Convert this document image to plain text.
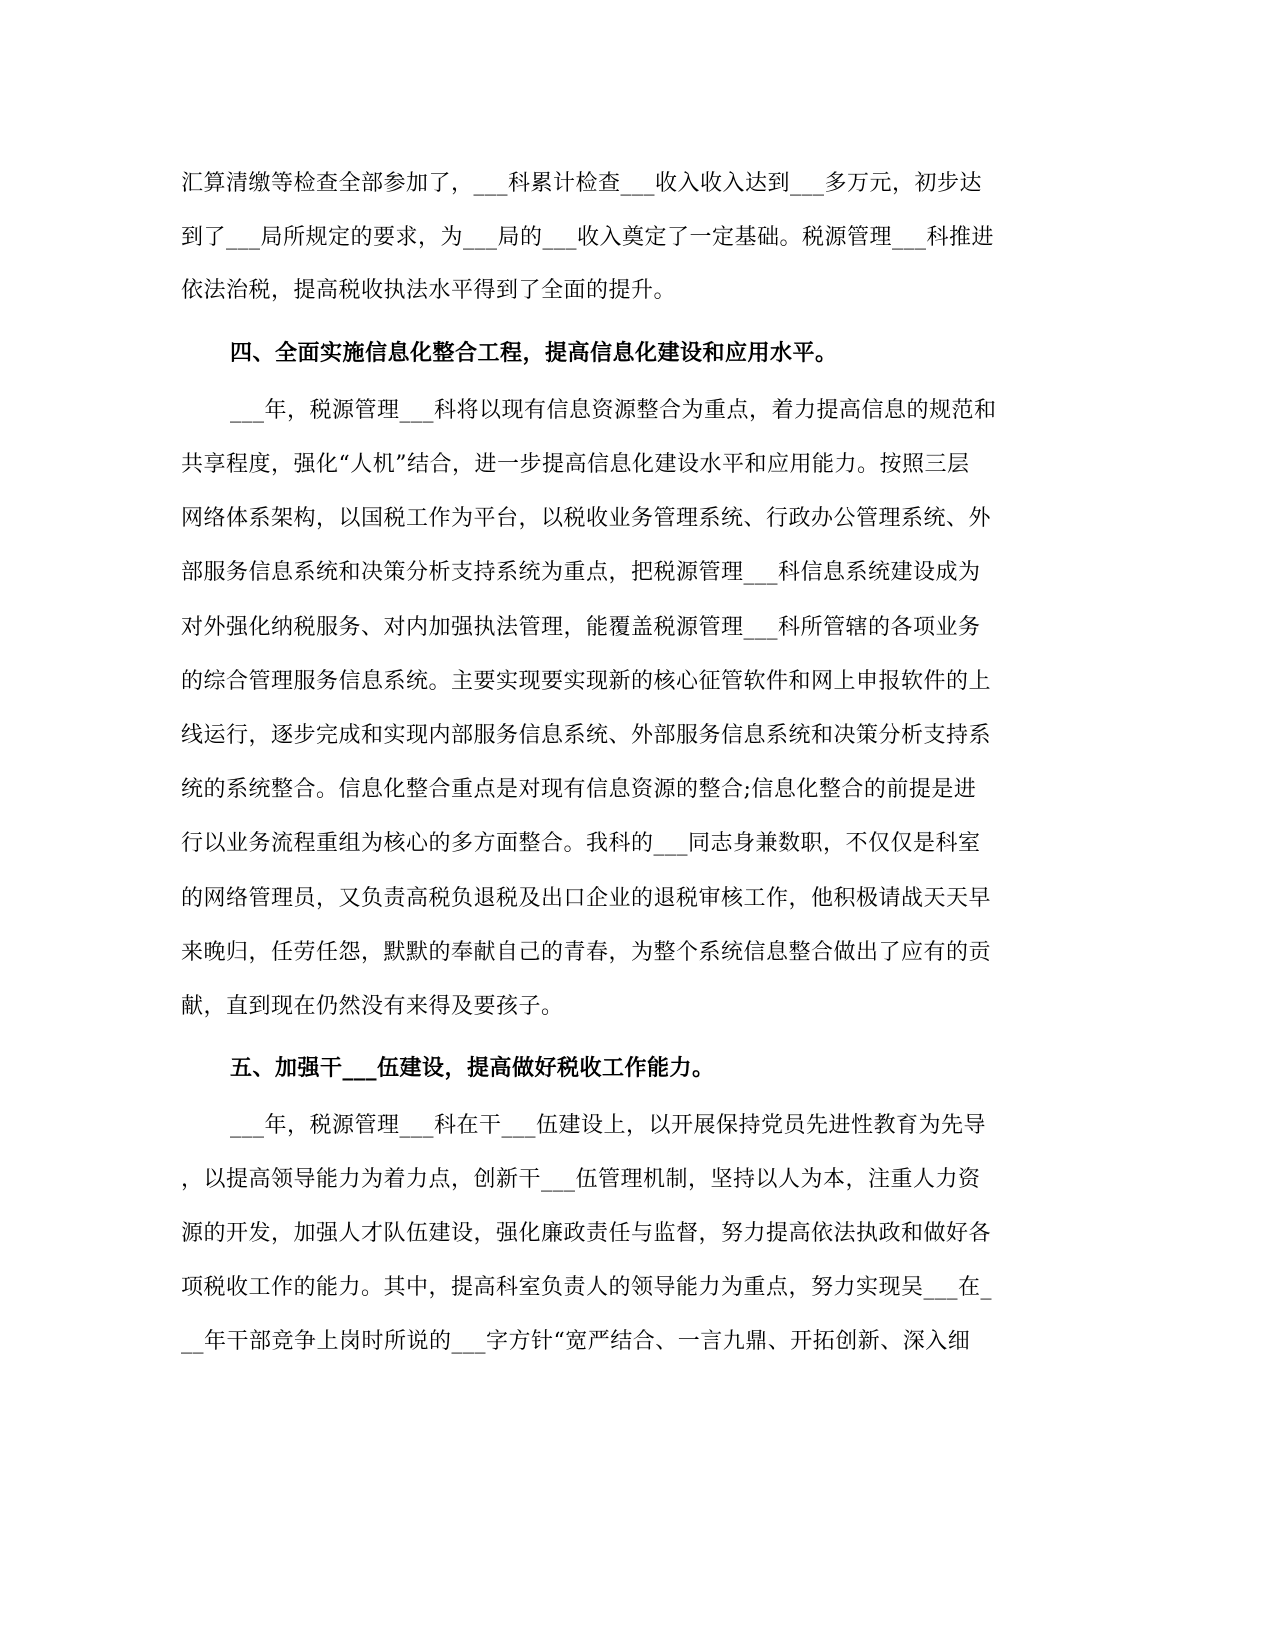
汇算清缴等检查全部参加了，___科累计检查___收入收入达到___多万元，初步达
到了___局所规定的要求，为___局的___收入奠定了一定基础。税源管理___科推进
依法治税，提高税收执法水平得到了全面的提升。
四、全面实施信息化整合工程，提高信息化建设和应用水平。
___年，税源管理___科将以现有信息资源整合为重点，着力提高信息的规范和
共享程度，强化“人机”结合，进一步提高信息化建设水平和应用能力。按照三层
网络体系架构，以国税工作为平台，以税收业务管理系统、行政办公管理系统、外
部服务信息系统和决策分析支持系统为重点，把税源管理___科信息系统建设成为
对外强化纳税服务、对内加强执法管理，能覆盖税源管理___科所管辖的各项业务
的综合管理服务信息系统。主要实现要实现新的核心征管软件和网上申报软件的上
线运行，逐步完成和实现内部服务信息系统、外部服务信息系统和决策分析支持系
统的系统整合。信息化整合重点是对现有信息资源的整合;信息化整合的前提是进
行以业务流程重组为核心的多方面整合。我科的___同志身兼数职，不仅仅是科室
的网络管理员，又负责高税负退税及出口企业的退税审核工作，他积极请战天天早
来晚归，任劳任怨，默默的奉献自己的青春，为整个系统信息整合做出了应有的贡
献，直到现在仍然没有来得及要孩子。
五、加强干___伍建设，提高做好税收工作能力。
___年，税源管理___科在干___伍建设上，以开展保持党员先进性教育为先导
，以提高领导能力为着力点，创新干___伍管理机制，坚持以人为本，注重人力资
源的开发，加强人才队伍建设，强化廉政责任与监督，努力提高依法执政和做好各
项税收工作的能力。其中，提高科室负责人的领导能力为重点，努力实现吴___在_
__年干部竞争上岗时所说的___字方针“宽严结合、一言九鼎、开拓创新、深入细
